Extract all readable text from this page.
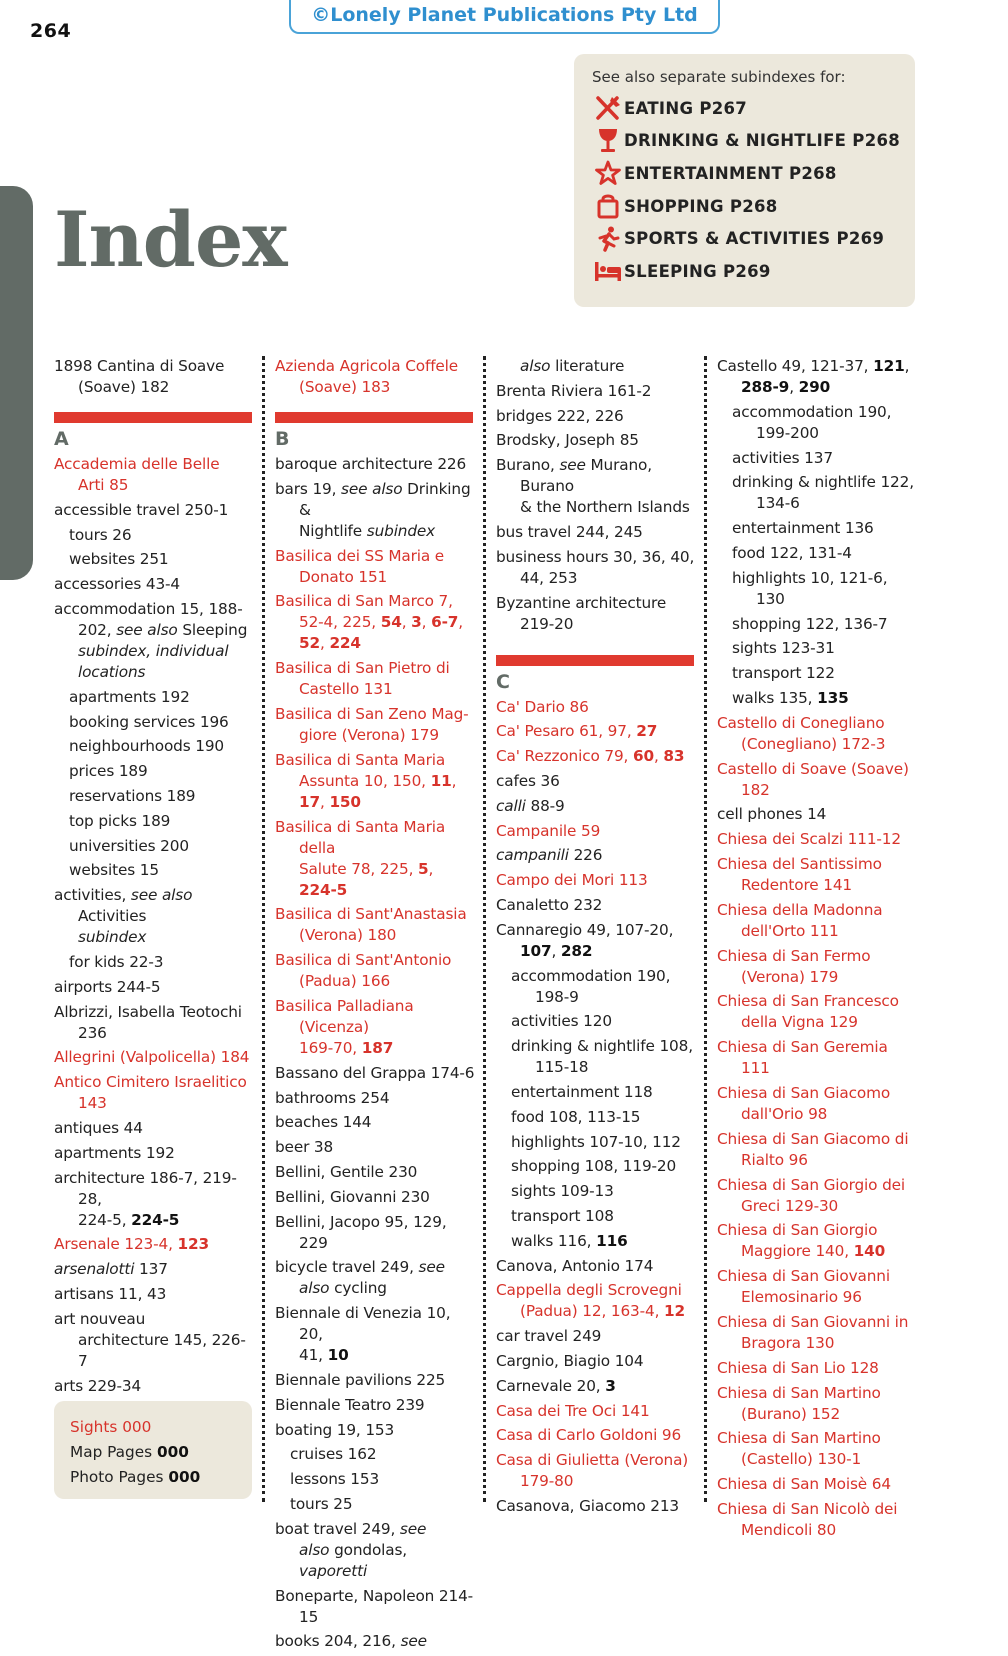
©Lonely Planet Publications Pty Ltd
264
Index
See also separate subindexes for:
EATING P267
DRINKING & NIGHTLIFE P268
ENTERTAINMENT P268
SHOPPING P268
SPORTS & ACTIVITIES P269
SLEEPING P269
1898 Cantina di Soave
(Soave) 182
A
Accademia delle Belle
Arti 85
accessible travel 250-1
tours 26
websites 251
accessories 43-4
accommodation 15, 188-
202, see also Sleeping
subindex, individual
locations
apartments 192
booking services 196
neighbourhoods 190
prices 189
reservations 189
top picks 189
universities 200
websites 15
activities, see also Activities
subindex
for kids 22-3
airports 244-5
Albrizzi, Isabella Teotochi
236
Allegrini (Valpolicella) 184
Antico Cimitero Israelitico
143
antiques 44
apartments 192
architecture 186-7, 219-28,
224-5, 224-5
Arsenale 123-4, 123
arsenalotti 137
artisans 11, 43
art nouveau
architecture 145, 226-7
arts 229-34
Sights 000
Map Pages 000
Photo Pages 000
Azienda Agricola Coffele
(Soave) 183
B
baroque architecture 226
bars 19, see also Drinking &
Nightlife subindex
Basilica dei SS Maria e
Donato 151
Basilica di San Marco 7,
52-4, 225, 54, 3, 6-7,
52, 224
Basilica di San Pietro di
Castello 131
Basilica di San Zeno Mag-
giore (Verona) 179
Basilica di Santa Maria
Assunta 10, 150, 11,
17, 150
Basilica di Santa Maria della
Salute 78, 225, 5, 224-5
Basilica di Sant'Anastasia
(Verona) 180
Basilica di Sant'Antonio
(Padua) 166
Basilica Palladiana (Vicenza)
169-70, 187
Bassano del Grappa 174-6
bathrooms 254
beaches 144
beer 38
Bellini, Gentile 230
Bellini, Giovanni 230
Bellini, Jacopo 95, 129, 229
bicycle travel 249, see
also cycling
Biennale di Venezia 10, 20,
41, 10
Biennale pavilions 225
Biennale Teatro 239
boating 19, 153
cruises 162
lessons 153
tours 25
boat travel 249, see
also gondolas, vaporetti
Boneparte, Napoleon 214-15
books 204, 216, see
also literature
Brenta Riviera 161-2
bridges 222, 226
Brodsky, Joseph 85
Burano, see Murano, Burano
& the Northern Islands
bus travel 244, 245
business hours 30, 36, 40,
44, 253
Byzantine architecture 219-20
C
Ca' Dario 86
Ca' Pesaro 61, 97, 27
Ca' Rezzonico 79, 60, 83
cafes 36
calli 88-9
Campanile 59
campanili 226
Campo dei Mori 113
Canaletto 232
Cannaregio 49, 107-20,
107, 282
accommodation 190,
198-9
activities 120
drinking & nightlife 108,
115-18
entertainment 118
food 108, 113-15
highlights 107-10, 112
shopping 108, 119-20
sights 109-13
transport 108
walks 116, 116
Canova, Antonio 174
Cappella degli Scrovegni
(Padua) 12, 163-4, 12
car travel 249
Cargnio, Biagio 104
Carnevale 20, 3
Casa dei Tre Oci 141
Casa di Carlo Goldoni 96
Casa di Giulietta (Verona)
179-80
Casanova, Giacomo 213
Castello 49, 121-37, 121,
288-9, 290
accommodation 190,
199-200
activities 137
drinking & nightlife 122,
134-6
entertainment 136
food 122, 131-4
highlights 10, 121-6, 130
shopping 122, 136-7
sights 123-31
transport 122
walks 135, 135
Castello di Conegliano
(Conegliano) 172-3
Castello di Soave (Soave)
182
cell phones 14
Chiesa dei Scalzi 111-12
Chiesa del Santissimo
Redentore 141
Chiesa della Madonna
dell'Orto 111
Chiesa di San Fermo
(Verona) 179
Chiesa di San Francesco
della Vigna 129
Chiesa di San Geremia 111
Chiesa di San Giacomo
dall'Orio 98
Chiesa di San Giacomo di
Rialto 96
Chiesa di San Giorgio dei
Greci 129-30
Chiesa di San Giorgio
Maggiore 140, 140
Chiesa di San Giovanni
Elemosinario 96
Chiesa di San Giovanni in
Bragora 130
Chiesa di San Lio 128
Chiesa di San Martino
(Burano) 152
Chiesa di San Martino
(Castello) 130-1
Chiesa di San Moisè 64
Chiesa di San Nicolò dei
Mendicoli 80
